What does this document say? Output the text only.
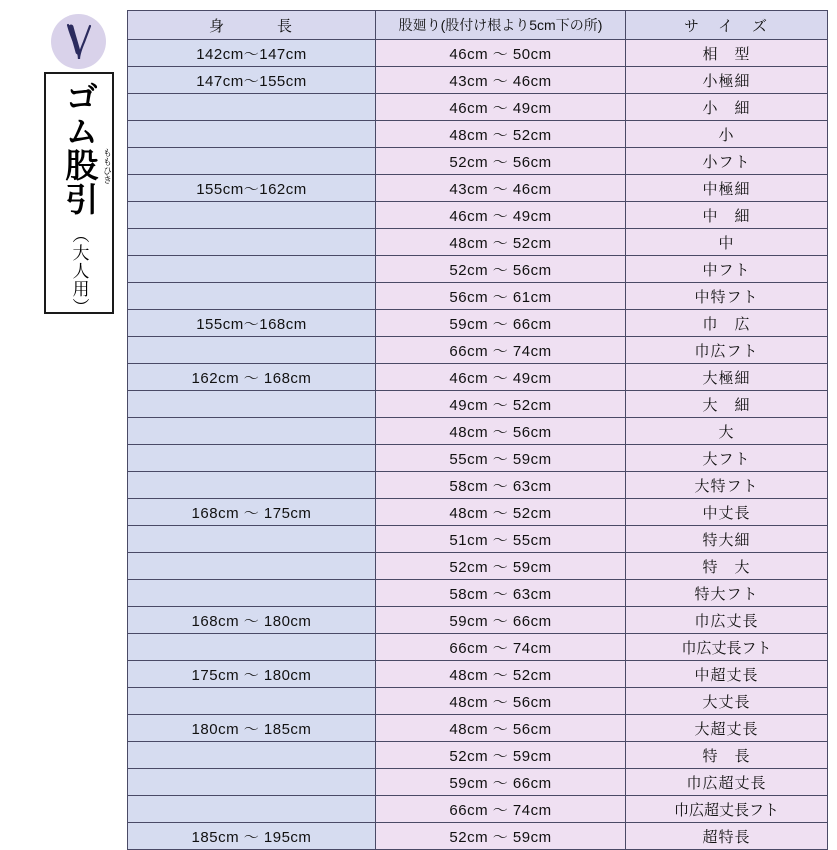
ゴム股引 ももひき
（大人用）
身　　　長	股廻り(股付け根より5cm下の所)	サ　イ　ズ
142cm〜147cm	46cm 〜 50cm	相　型
147cm〜155cm	43cm 〜 46cm	小極細
	46cm 〜 49cm	小　細
	48cm 〜 52cm	小
	52cm 〜 56cm	小フト
155cm〜162cm	43cm 〜 46cm	中極細
	46cm 〜 49cm	中　細
	48cm 〜 52cm	中
	52cm 〜 56cm	中フト
	56cm 〜 61cm	中特フト
155cm〜168cm	59cm 〜 66cm	巾　広
	66cm 〜 74cm	巾広フト
162cm 〜 168cm	46cm 〜 49cm	大極細
	49cm 〜 52cm	大　細
	48cm 〜 56cm	大
	55cm 〜 59cm	大フト
	58cm 〜 63cm	大特フト
168cm 〜 175cm	48cm 〜 52cm	中丈長
	51cm 〜 55cm	特大細
	52cm 〜 59cm	特　大
	58cm 〜 63cm	特大フト
168cm 〜 180cm	59cm 〜 66cm	巾広丈長
	66cm 〜 74cm	巾広丈長フト
175cm 〜 180cm	48cm 〜 52cm	中超丈長
	48cm 〜 56cm	大丈長
180cm 〜 185cm	48cm 〜 56cm	大超丈長
	52cm 〜 59cm	特　長
	59cm 〜 66cm	巾広超丈長
	66cm 〜 74cm	巾広超丈長フト
185cm 〜 195cm	52cm 〜 59cm	超特長
